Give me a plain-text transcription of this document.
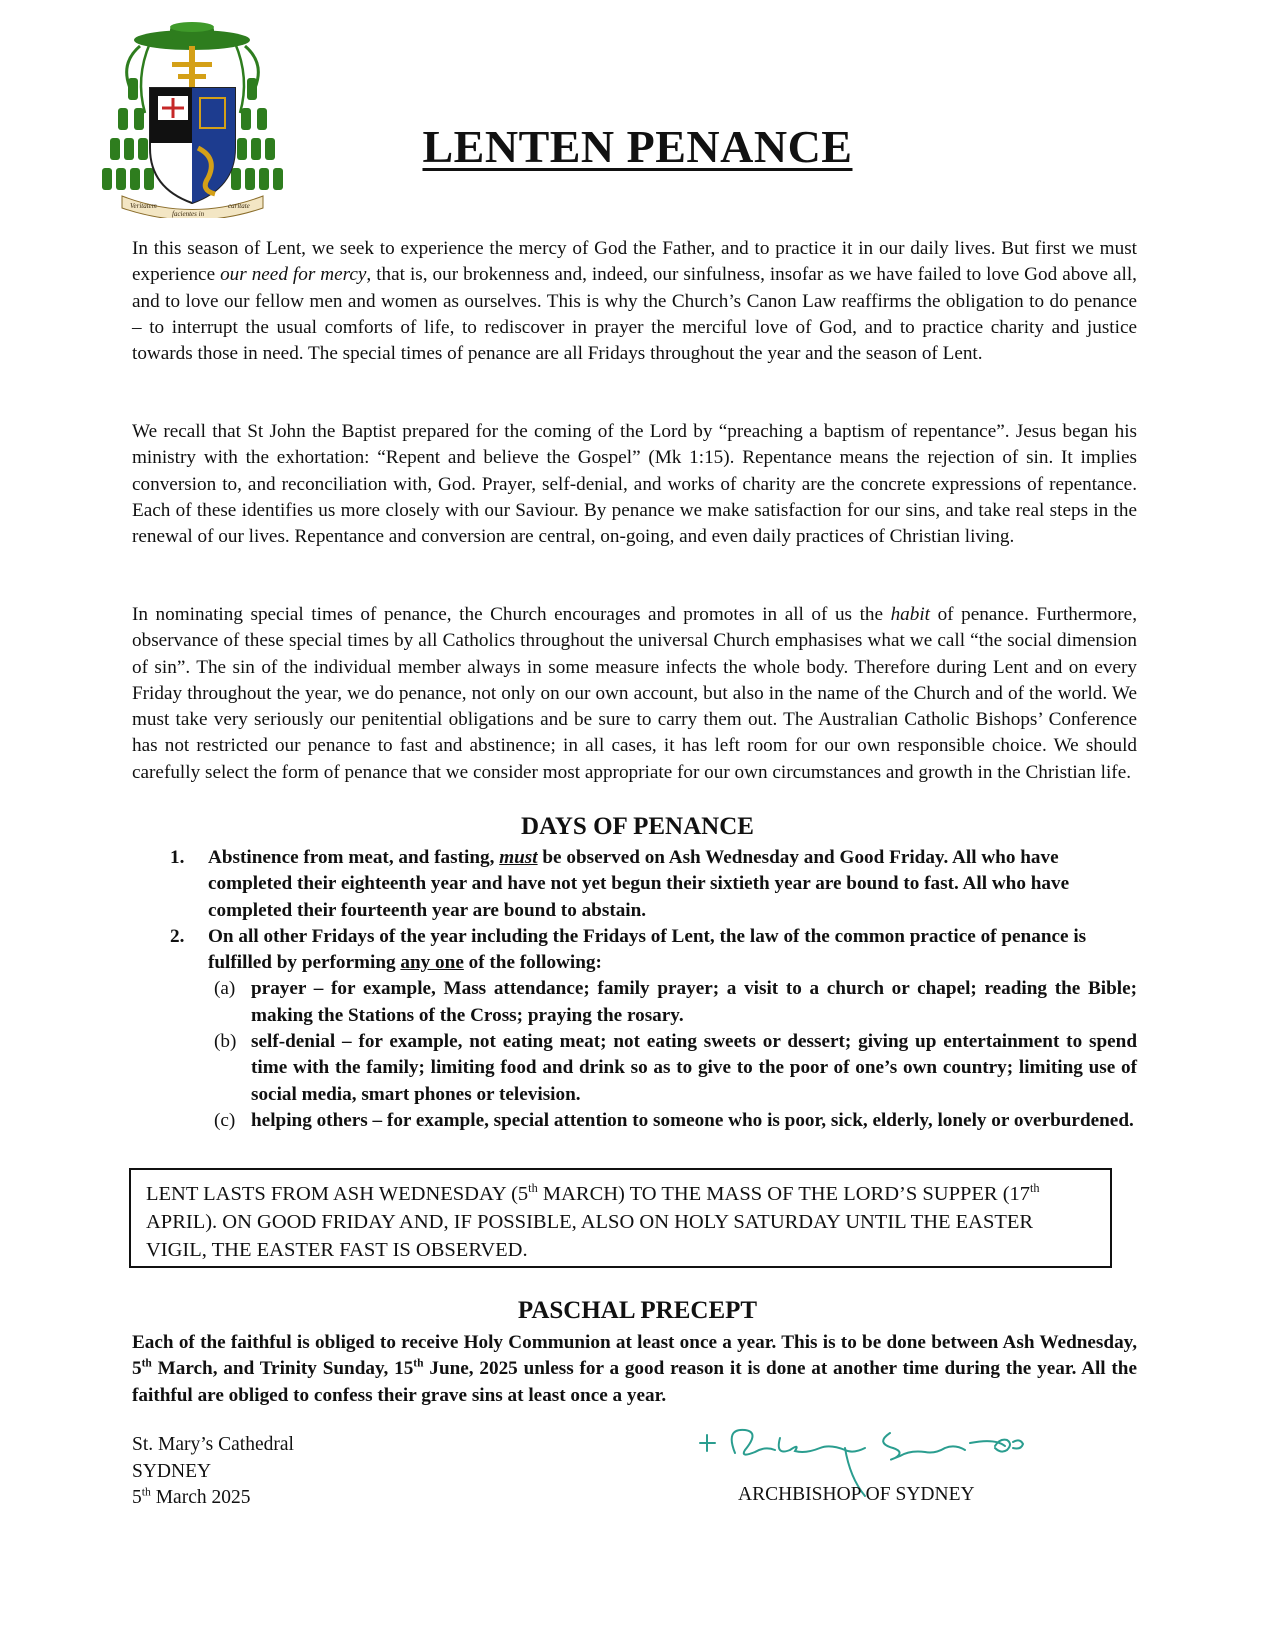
Veritatem
facientes in
caritate
LENTEN PENANCE

In this season of Lent, we seek to experience the mercy of God the Father, and to practice it in our daily lives. But first we must experience our need for mercy, that is, our brokenness and, indeed, our sinfulness, insofar as we have failed to love God above all, and to love our fellow men and women as ourselves. This is why the Church’s Canon Law reaffirms the obligation to do penance – to interrupt the usual comforts of life, to rediscover in prayer the merciful love of God, and to practice charity and justice towards those in need. The special times of penance are all Fridays throughout the year and the season of Lent.

We recall that St John the Baptist prepared for the coming of the Lord by “preaching a baptism of repentance”. Jesus began his ministry with the exhortation: “Repent and believe the Gospel” (Mk 1:15). Repentance means the rejection of sin. It implies conversion to, and reconciliation with, God. Prayer, self-denial, and works of charity are the concrete expressions of repentance. Each of these identifies us more closely with our Saviour. By penance we make satisfaction for our sins, and take real steps in the renewal of our lives. Repentance and conversion are central, on-going, and even daily practices of Christian living.

In nominating special times of penance, the Church encourages and promotes in all of us the habit of penance. Furthermore, observance of these special times by all Catholics throughout the universal Church emphasises what we call “the social dimension of sin”. The sin of the individual member always in some measure infects the whole body. Therefore during Lent and on every Friday throughout the year, we do penance, not only on our own account, but also in the name of the Church and of the world. We must take very seriously our penitential obligations and be sure to carry them out. The Australian Catholic Bishops’ Conference has not restricted our penance to fast and abstinence; in all cases, it has left room for our own responsible choice. We should carefully select the form of penance that we consider most appropriate for our own circumstances and growth in the Christian life.

DAYS OF PENANCE
1. Abstinence from meat, and fasting, must be observed on Ash Wednesday and Good Friday. All who have completed their eighteenth year and have not yet begun their sixtieth year are bound to fast. All who have completed their fourteenth year are bound to abstain.
2. On all other Fridays of the year including the Fridays of Lent, the law of the common practice of penance is fulfilled by performing any one of the following:
(a) prayer – for example, Mass attendance; family prayer; a visit to a church or chapel; reading the Bible; making the Stations of the Cross; praying the rosary.
(b) self-denial – for example, not eating meat; not eating sweets or dessert; giving up entertainment to spend time with the family; limiting food and drink so as to give to the poor of one’s own country; limiting use of social media, smart phones or television.
(c) helping others – for example, special attention to someone who is poor, sick, elderly, lonely or overburdened.
LENT LASTS FROM ASH WEDNESDAY (5th MARCH) TO THE MASS OF THE LORD’S SUPPER (17th APRIL). ON GOOD FRIDAY AND, IF POSSIBLE, ALSO ON HOLY SATURDAY UNTIL THE EASTER VIGIL, THE EASTER FAST IS OBSERVED.
PASCHAL PRECEPT

Each of the faithful is obliged to receive Holy Communion at least once a year. This is to be done between Ash Wednesday, 5th March, and Trinity Sunday, 15th June, 2025 unless for a good reason it is done at another time during the year. All the faithful are obliged to confess their grave sins at least once a year.

St. Mary’s Cathedral
SYDNEY
5th March 2025	ARCHBISHOP OF SYDNEY
